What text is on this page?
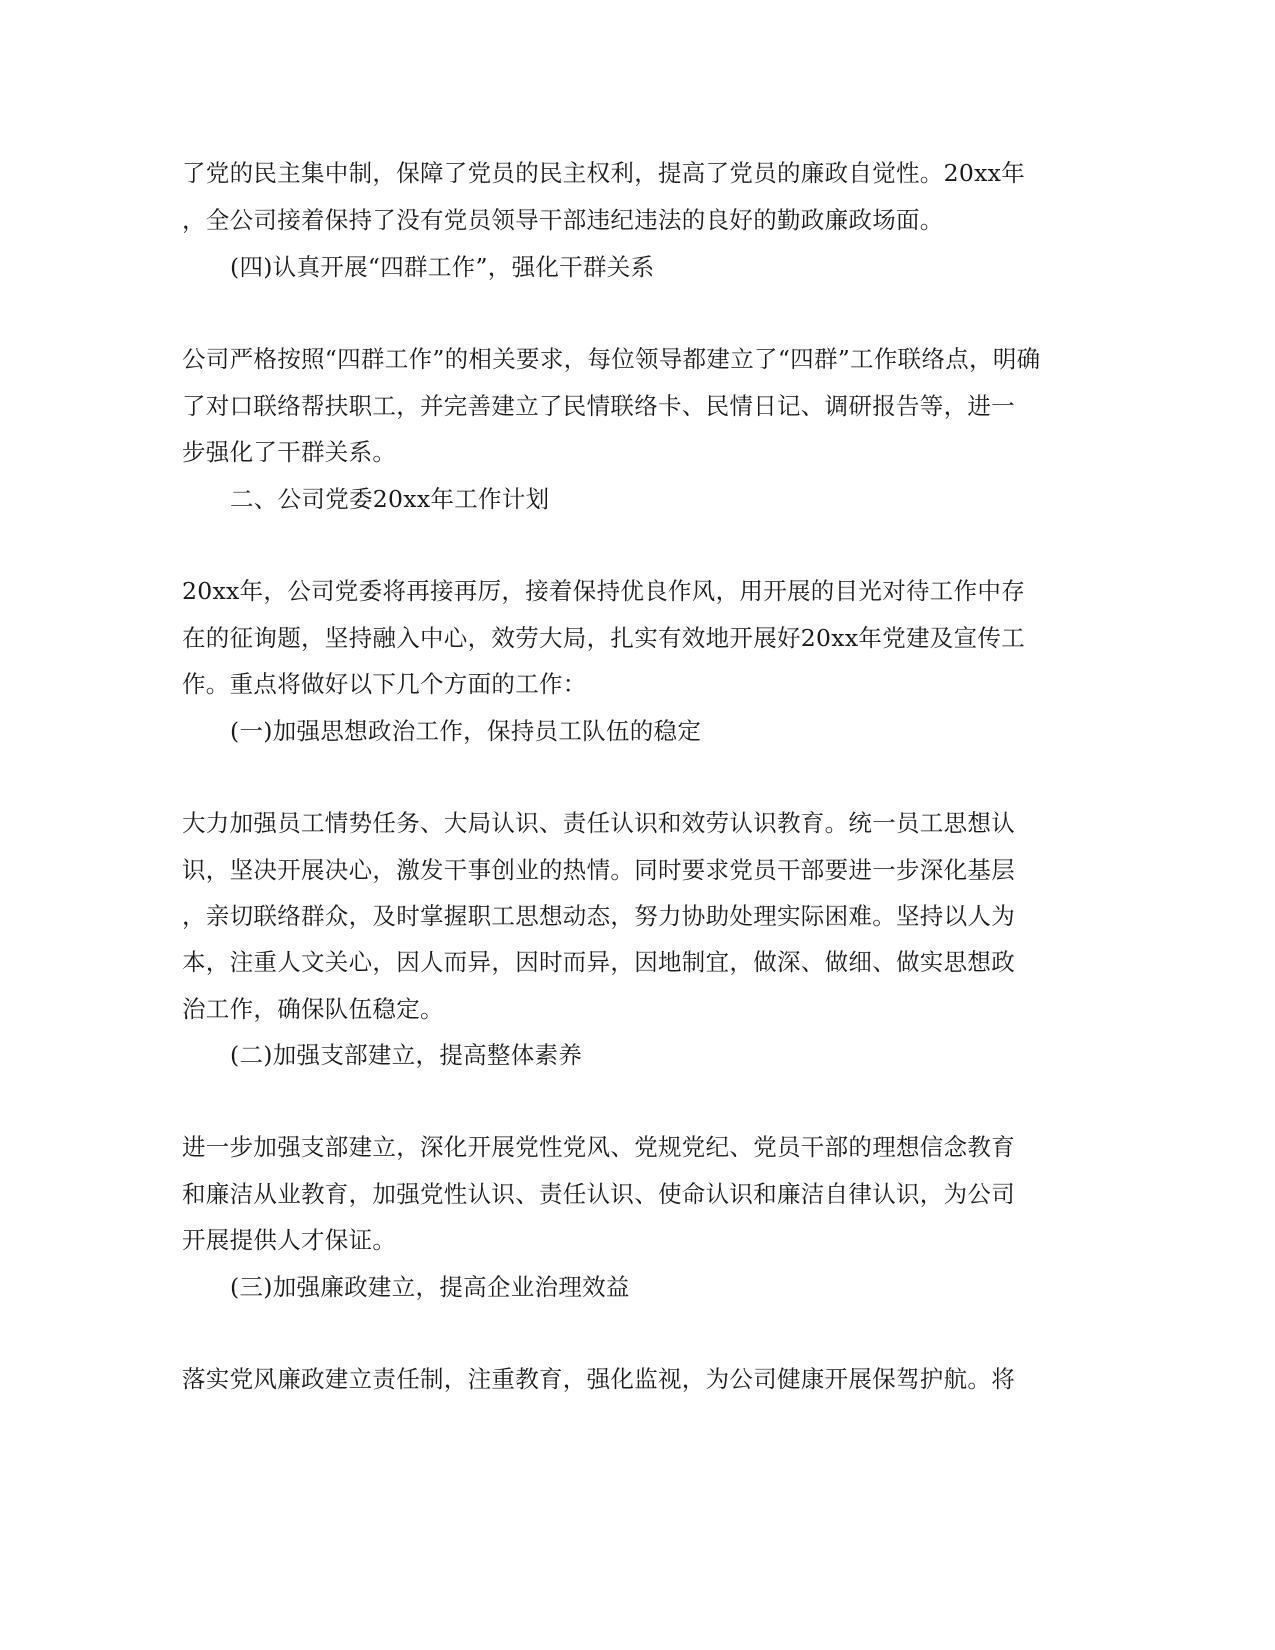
了党的民主集中制，保障了党员的民主权利，提高了党员的廉政自觉性。20xx年
，全公司接着保持了没有党员领导干部违纪违法的良好的勤政廉政场面。
(四)认真开展“四群工作”，强化干群关系
公司严格按照“四群工作”的相关要求，每位领导都建立了“四群”工作联络点，明确
了对口联络帮扶职工，并完善建立了民情联络卡、民情日记、调研报告等，进一
步强化了干群关系。
二、公司党委20xx年工作计划
20xx年，公司党委将再接再厉，接着保持优良作风，用开展的目光对待工作中存
在的征询题，坚持融入中心，效劳大局，扎实有效地开展好20xx年党建及宣传工
作。重点将做好以下几个方面的工作：
(一)加强思想政治工作，保持员工队伍的稳定
大力加强员工情势任务、大局认识、责任认识和效劳认识教育。统一员工思想认
识，坚决开展决心，激发干事创业的热情。同时要求党员干部要进一步深化基层
，亲切联络群众，及时掌握职工思想动态，努力协助处理实际困难。坚持以人为
本，注重人文关心，因人而异，因时而异，因地制宜，做深、做细、做实思想政
治工作，确保队伍稳定。
(二)加强支部建立，提高整体素养
进一步加强支部建立，深化开展党性党风、党规党纪、党员干部的理想信念教育
和廉洁从业教育，加强党性认识、责任认识、使命认识和廉洁自律认识，为公司
开展提供人才保证。
(三)加强廉政建立，提高企业治理效益
落实党风廉政建立责任制，注重教育，强化监视，为公司健康开展保驾护航。将
